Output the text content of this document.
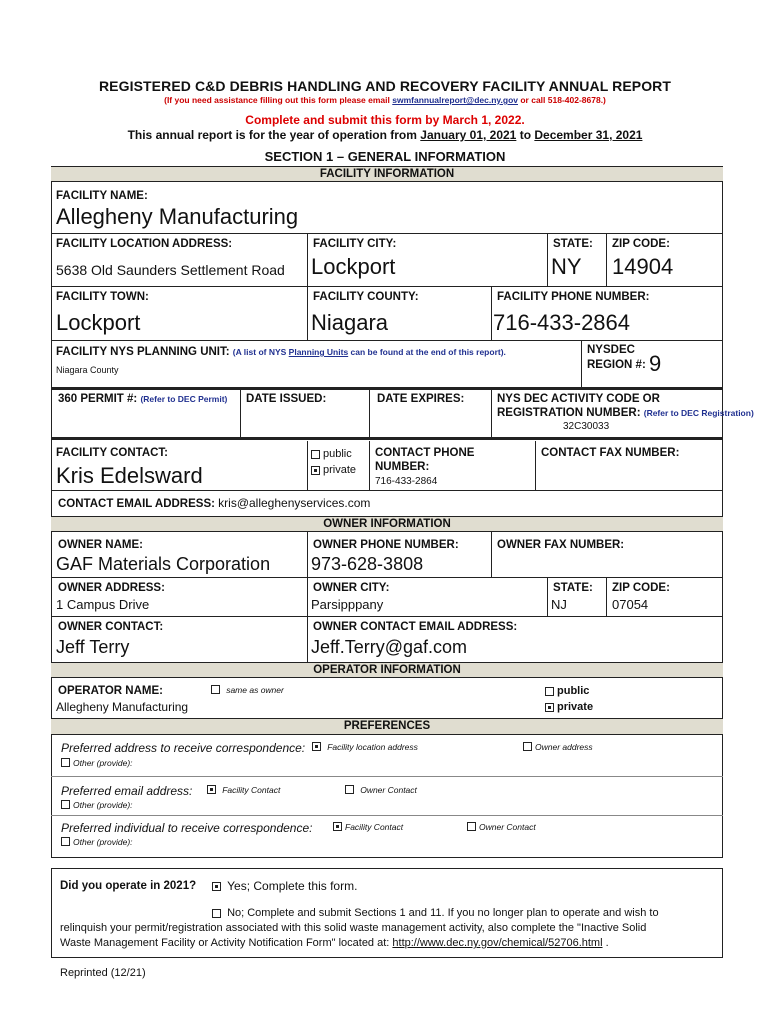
REGISTERED C&D DEBRIS HANDLING AND RECOVERY FACILITY ANNUAL REPORT
(If you need assistance filling out this form please email swmfannualreport@dec.ny.gov or call 518-402-8678.)
Complete and submit this form by March 1, 2022.
This annual report is for the year of operation from January 01, 2021 to December 31, 2021
SECTION 1 – GENERAL INFORMATION
FACILITY INFORMATION
FACILITY NAME:
Allegheny Manufacturing
FACILITY LOCATION ADDRESS:
5638 Old Saunders Settlement Road
FACILITY CITY:
Lockport
STATE:
NY
ZIP CODE:
14904
FACILITY TOWN:
Lockport
FACILITY COUNTY:
Niagara
FACILITY PHONE NUMBER:
716-433-2864
FACILITY NYS PLANNING UNIT: (A list of NYS Planning Units can be found at the end of this report).
Niagara County
NYSDEC
REGION #: 9
360 PERMIT #: (Refer to DEC Permit) DATE ISSUED:	DATE EXPIRES:	NYS DEC ACTIVITY CODE OR
REGISTRATION NUMBER: (Refer to DEC Registration)
32C30033
FACILITY CONTACT:
Kris Edelsward
public
private
CONTACT PHONE
NUMBER:
716-433-2864
CONTACT FAX NUMBER:
CONTACT EMAIL ADDRESS: kris@alleghenyservices.com
OWNER INFORMATION
OWNER NAME:
GAF Materials Corporation
OWNER PHONE NUMBER:
973-628-3808
OWNER FAX NUMBER:
OWNER ADDRESS:
1 Campus Drive
OWNER CITY:
Parsipppany
STATE:
NJ
ZIP CODE:
07054
OWNER CONTACT:
Jeff Terry
OWNER CONTACT EMAIL ADDRESS:
Jeff.Terry@gaf.com
OPERATOR INFORMATION
OPERATOR NAME:	same as owner
Allegheny Manufacturing
public
private
PREFERENCES
Preferred address to receive correspondence:	Facility location address	Owner address
Other (provide):
Preferred email address:	Facility Contact	Owner Contact
Other (provide):
Preferred individual to receive correspondence:	Facility Contact	Owner Contact
Other (provide):
Did you operate in 2021?	Yes; Complete this form.
No; Complete and submit Sections 1 and 11. If you no longer plan to operate and wish to
relinquish your permit/registration associated with this solid waste management activity, also complete the "Inactive Solid
Waste Management Facility or Activity Notification Form" located at: http://www.dec.ny.gov/chemical/52706.html .
Reprinted (12/21)
